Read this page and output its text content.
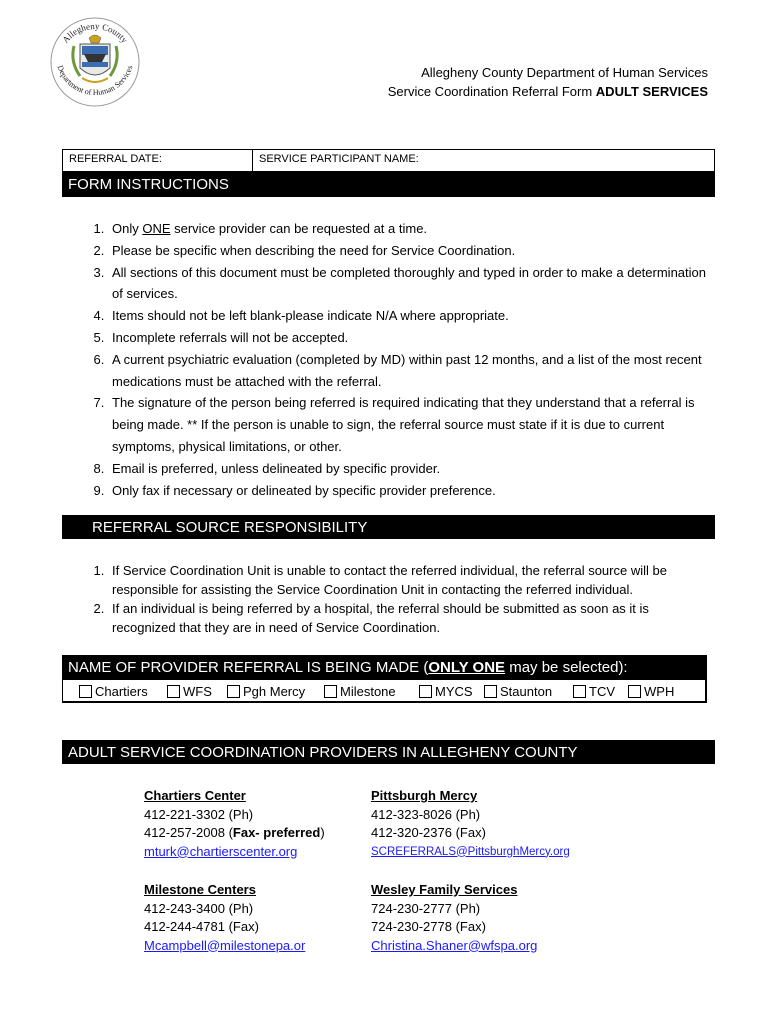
Allegheny County
Department of Human Services	Allegheny County Department of Human Services
Service Coordination Referral Form ADULT SERVICES
REFERRAL DATE:	SERVICE PARTICIPANT NAME:
FORM INSTRUCTIONS
1. Only ONE service provider can be requested at a time.
2. Please be specific when describing the need for Service Coordination.
3. All sections of this document must be completed thoroughly and typed in order to make a determination of services.
4. Items should not be left blank-please indicate N/A where appropriate.
5. Incomplete referrals will not be accepted.
6. A current psychiatric evaluation (completed by MD) within past 12 months, and a list of the most recent medications must be attached with the referral.
7. The signature of the person being referred is required indicating that they understand that a referral is being made. ** If the person is unable to sign, the referral source must state if it is due to current symptoms, physical limitations, or other.
8. Email is preferred, unless delineated by specific provider.
9. Only fax if necessary or delineated by specific provider preference.
REFERRAL SOURCE RESPONSIBILITY
1. If Service Coordination Unit is unable to contact the referred individual, the referral source will be responsible for assisting the Service Coordination Unit in contacting the referred individual.
2. If an individual is being referred by a hospital, the referral should be submitted as soon as it is recognized that they are in need of Service Coordination.
NAME OF PROVIDER REFERRAL IS BEING MADE (ONLY ONE may be selected):
Chartiers	WFS Pgh Mercy	Milestone	MYCS Staunton	TCV WPH
ADULT SERVICE COORDINATION PROVIDERS IN ALLEGHENY COUNTY
Chartiers Center
412-221-3302 (Ph)
412-257-2008 (Fax- preferred)
mturk@chartierscenter.org
Pittsburgh Mercy
412-323-8026 (Ph)
412-320-2376 (Fax)
SCREFERRALS@PittsburghMercy.org
Milestone Centers
412-243-3400 (Ph)
412-244-4781 (Fax)
Mcampbell@milestonepa.or
Wesley Family Services
724-230-2777 (Ph)
724-230-2778 (Fax)
Christina.Shaner@wfspa.org
